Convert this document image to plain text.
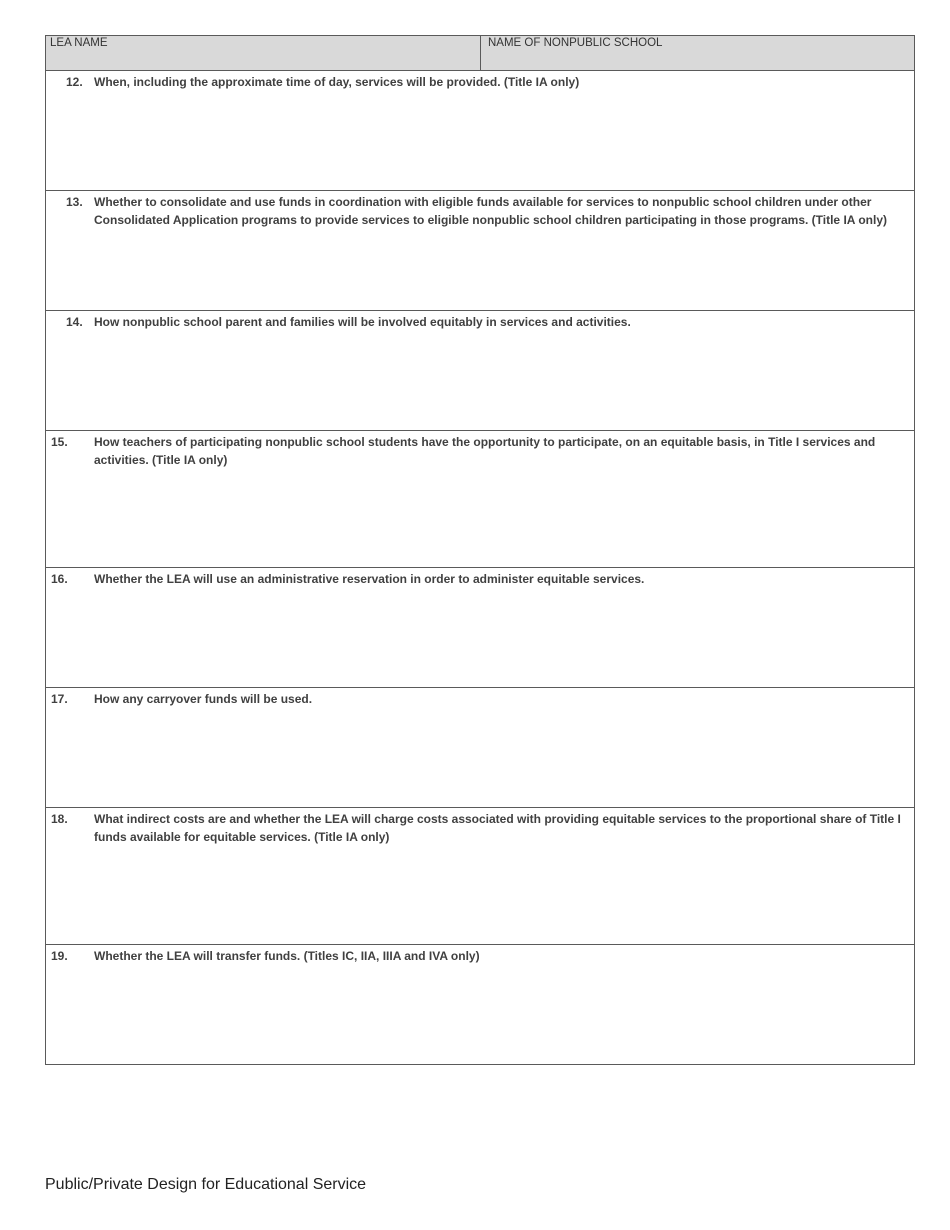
LEA NAME	NAME OF NONPUBLIC SCHOOL
12. When, including the approximate time of day, services will be provided. (Title IA only)
13. Whether to consolidate and use funds in coordination with eligible funds available for services to nonpublic school children under other Consolidated Application programs to provide services to eligible nonpublic school children participating in those programs. (Title IA only)
14. How nonpublic school parent and families will be involved equitably in services and activities.
15. How teachers of participating nonpublic school students have the opportunity to participate, on an equitable basis, in Title I services and activities. (Title IA only)
16. Whether the LEA will use an administrative reservation in order to administer equitable services.
17. How any carryover funds will be used.
18. What indirect costs are and whether the LEA will charge costs associated with providing equitable services to the proportional share of Title I funds available for equitable services. (Title IA only)
19. Whether the LEA will transfer funds. (Titles IC, IIA, IIIA and IVA only)
Public/Private Design for Educational Service
